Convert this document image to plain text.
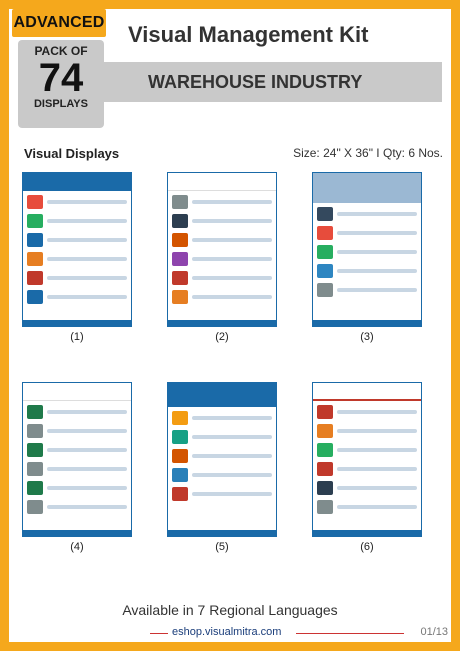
ADVANCED
PACK OF
74
DISPLAYS
Visual Management Kit
WAREHOUSE INDUSTRY
Visual Displays	Size: 24" X 36" I Qty: 6 Nos.
(1)	(2)	(3)
(4)	(5)	(6)
Available in 7 Regional Languages
eshop.visualmitra.com	01/13
